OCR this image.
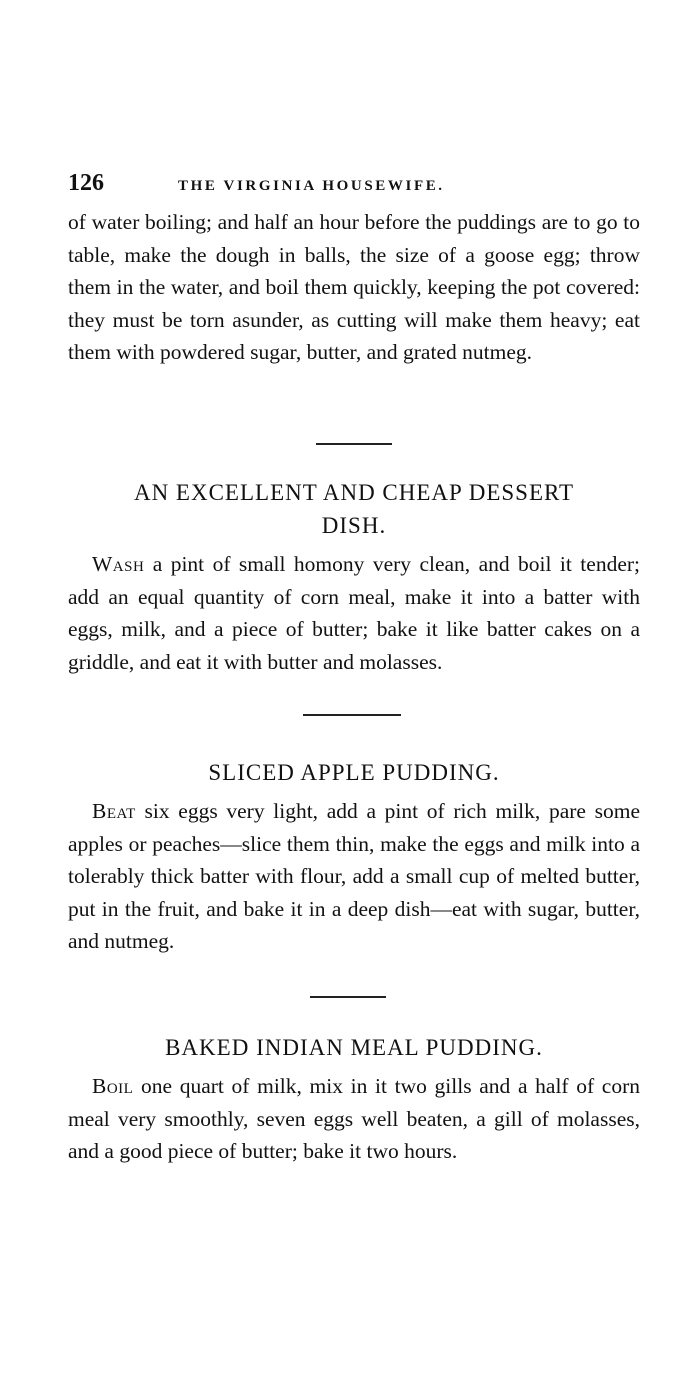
126	THE VIRGINIA HOUSEWIFE.

of water boiling; and half an hour before the puddings are to go to table, make the dough in balls, the size of a goose egg; throw them in the water, and boil them quickly, keeping the pot covered: they must be torn asunder, as cutting will make them heavy; eat them with powdered sugar, butter, and grated nutmeg.

AN EXCELLENT AND CHEAP DESSERT
DISH.

Wash a pint of small homony very clean, and boil it tender; add an equal quantity of corn meal, make it into a batter with eggs, milk, and a piece of butter; bake it like batter cakes on a griddle, and eat it with butter and molasses.

SLICED APPLE PUDDING.

Beat six eggs very light, add a pint of rich milk, pare some apples or peaches—slice them thin, make the eggs and milk into a tolerably thick batter with flour, add a small cup of melted butter, put in the fruit, and bake it in a deep dish—eat with sugar, butter, and nutmeg.

BAKED INDIAN MEAL PUDDING.

Boil one quart of milk, mix in it two gills and a half of corn meal very smoothly, seven eggs well beaten, a gill of molasses, and a good piece of butter; bake it two hours.
